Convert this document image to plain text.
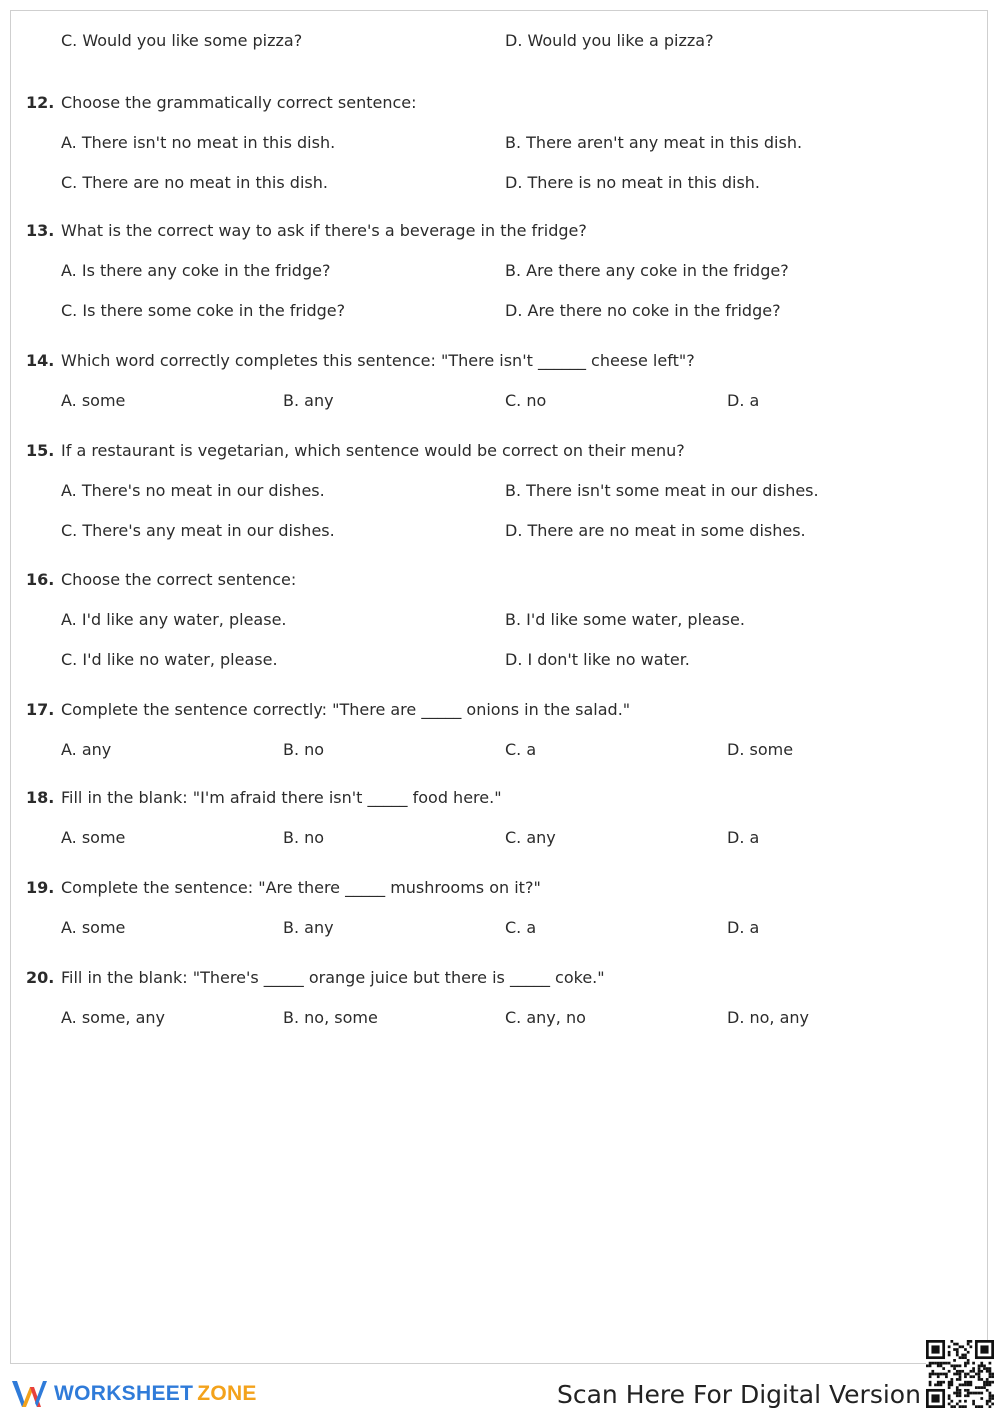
C. Would you like some pizza?	D. Would you like a pizza?
12. Choose the grammatically correct sentence:
A. There isn't no meat in this dish.	B. There aren't any meat in this dish.
C. There are no meat in this dish.	D. There is no meat in this dish.
13. What is the correct way to ask if there's a beverage in the fridge?
A. Is there any coke in the fridge?	B. Are there any coke in the fridge?
C. Is there some coke in the fridge?	D. Are there no coke in the fridge?
14. Which word correctly completes this sentence: "There isn't ______ cheese left"?
A. some	B. any	C. no	D. a
15. If a restaurant is vegetarian, which sentence would be correct on their menu?
A. There's no meat in our dishes.	B. There isn't some meat in our dishes.
C. There's any meat in our dishes.	D. There are no meat in some dishes.
16. Choose the correct sentence:
A. I'd like any water, please.	B. I'd like some water, please.
C. I'd like no water, please.	D. I don't like no water.
17. Complete the sentence correctly: "There are _____ onions in the salad."
A. any	B. no	C. a	D. some
18. Fill in the blank: "I'm afraid there isn't _____ food here."
A. some	B. no	C. any	D. a
19. Complete the sentence: "Are there _____ mushrooms on it?"
A. some	B. any	C. a	D. a
20. Fill in the blank: "There's _____ orange juice but there is _____ coke."
A. some, any	B. no, some	C. any, no	D. no, any
WORKSHEET ZONE	Scan Here For Digital Version
